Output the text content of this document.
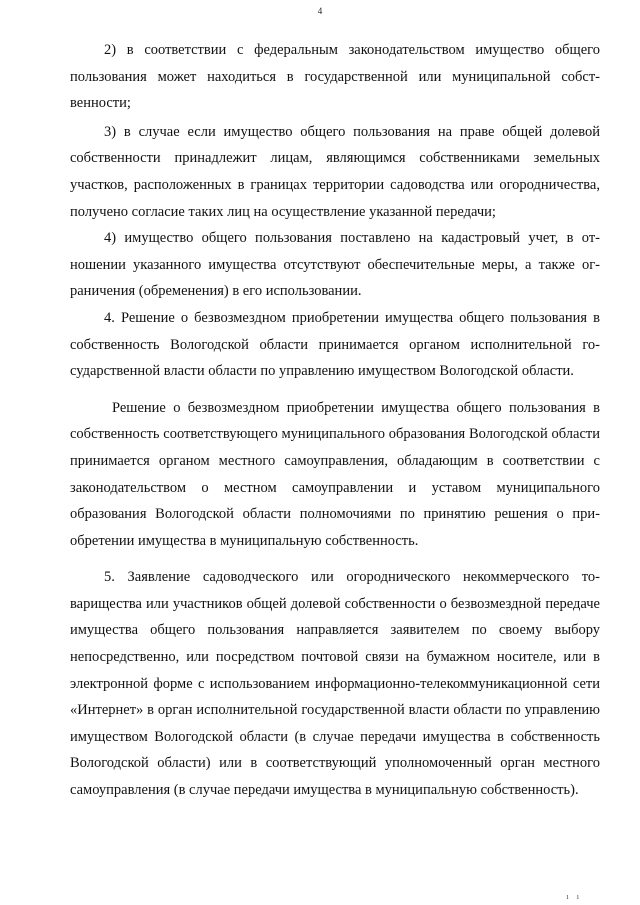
4

2) в соответствии с федеральным законодательством имущество общего пользования может находиться в государственной или муниципальной собственности;

3) в случае если имущество общего пользования на праве общей долевой собственности принадлежит лицам, являющимся собственниками земельных участков, расположенных в границах территории садоводства или огородничества, получено согласие таких лиц на осуществление указанной передачи;

4) имущество общего пользования поставлено на кадастровый учет, в отношении указанного имущества отсутствуют обеспечительные меры, а также ограничения (обременения) в его использовании.

4. Решение о безвозмездном приобретении имущества общего пользования в собственность Вологодской области принимается органом исполнительной государственной власти области по управлению имуществом Вологодской области.

Решение о безвозмездном приобретении имущества общего пользования в собственность соответствующего муниципального образования Вологодской области принимается органом местного самоуправления, обладающим в соответствии с законодательством о местном самоуправлении и уставом муниципального образования Вологодской области полномочиями по принятию решения о приобретении имущества в муниципальную собственность.

5. Заявление садоводческого или огороднического некоммерческого товарищества или участников общей долевой собственности о безвозмездной передаче имущества общего пользования направляется заявителем по своему выбору непосредственно, или посредством почтовой связи на бумажном носителе, или в электронной форме с использованием информационно-телекоммуникационной сети «Интернет» в орган исполнительной государственной власти области по управлению имуществом Вологодской области (в случае передачи имущества в собственность Вологодской области) или в соответствующий уполномоченный орган местного самоуправления (в случае передачи имущества в муниципальную собственность).

ı ı
